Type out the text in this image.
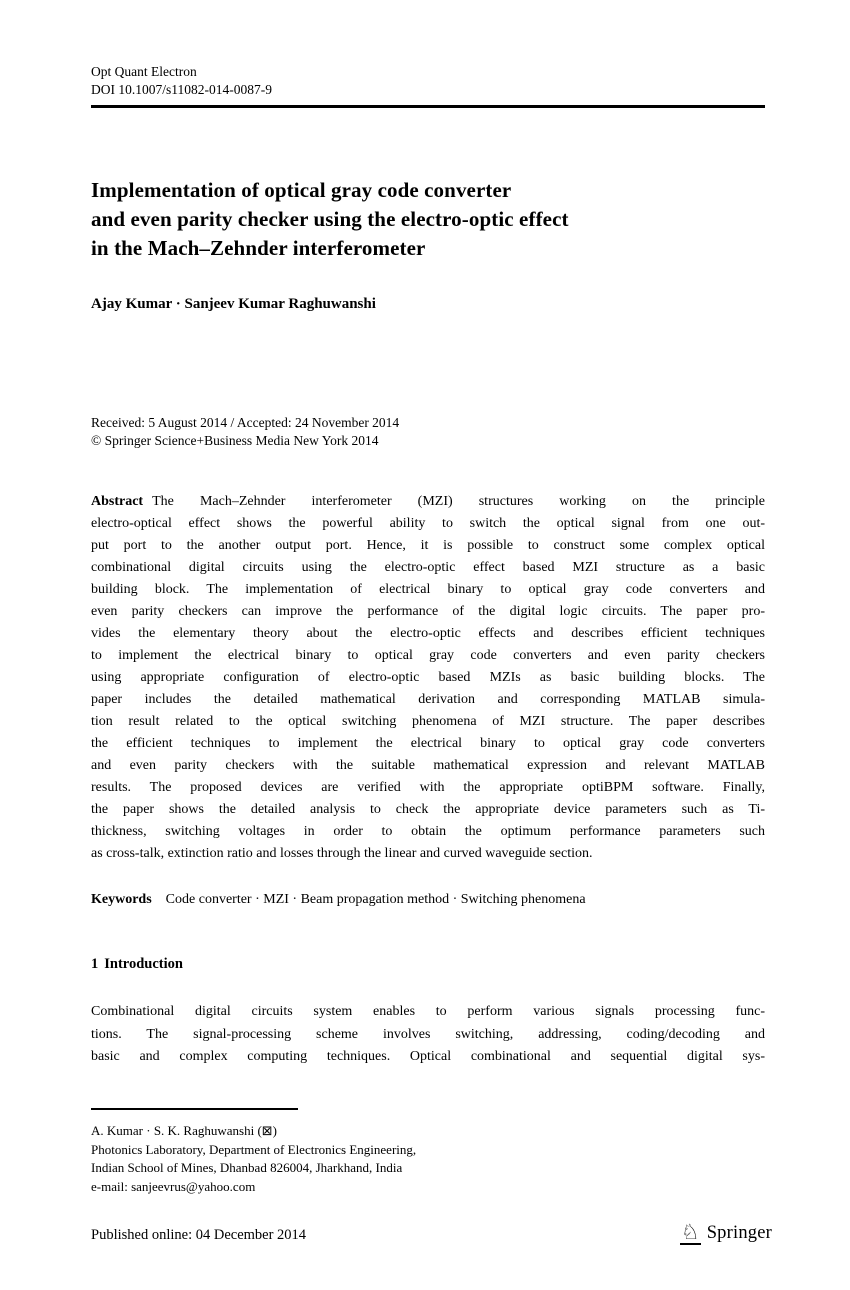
Opt Quant Electron
DOI 10.1007/s11082-014-0087-9
Implementation of optical gray code converter
and even parity checker using the electro-optic effect
in the Mach–Zehnder interferometer
Ajay Kumar · Sanjeev Kumar Raghuwanshi
Received: 5 August 2014 / Accepted: 24 November 2014
© Springer Science+Business Media New York 2014
Abstract The Mach–Zehnder interferometer (MZI) structures working on the principle
electro-optical effect shows the powerful ability to switch the optical signal from one out-
put port to the another output port. Hence, it is possible to construct some complex optical
combinational digital circuits using the electro-optic effect based MZI structure as a basic
building block. The implementation of electrical binary to optical gray code converters and
even parity checkers can improve the performance of the digital logic circuits. The paper pro-
vides the elementary theory about the electro-optic effects and describes efficient techniques
to implement the electrical binary to optical gray code converters and even parity checkers
using appropriate configuration of electro-optic based MZIs as basic building blocks. The
paper includes the detailed mathematical derivation and corresponding MATLAB simula-
tion result related to the optical switching phenomena of MZI structure. The paper describes
the efficient techniques to implement the electrical binary to optical gray code converters
and even parity checkers with the suitable mathematical expression and relevant MATLAB
results. The proposed devices are verified with the appropriate optiBPM software. Finally,
the paper shows the detailed analysis to check the appropriate device parameters such as Ti-
thickness, switching voltages in order to obtain the optimum performance parameters such
as cross-talk, extinction ratio and losses through the linear and curved waveguide section.
Keywords Code converter · MZI · Beam propagation method · Switching phenomena
1 Introduction
Combinational digital circuits system enables to perform various signals processing func-
tions. The signal-processing scheme involves switching, addressing, coding/decoding and
basic and complex computing techniques. Optical combinational and sequential digital sys-
A. Kumar · S. K. Raghuwanshi (⊠)
Photonics Laboratory, Department of Electronics Engineering,
Indian School of Mines, Dhanbad 826004, Jharkhand, India
e-mail: sanjeevrus@yahoo.com
Published online: 04 December 2014	♘ Springer
